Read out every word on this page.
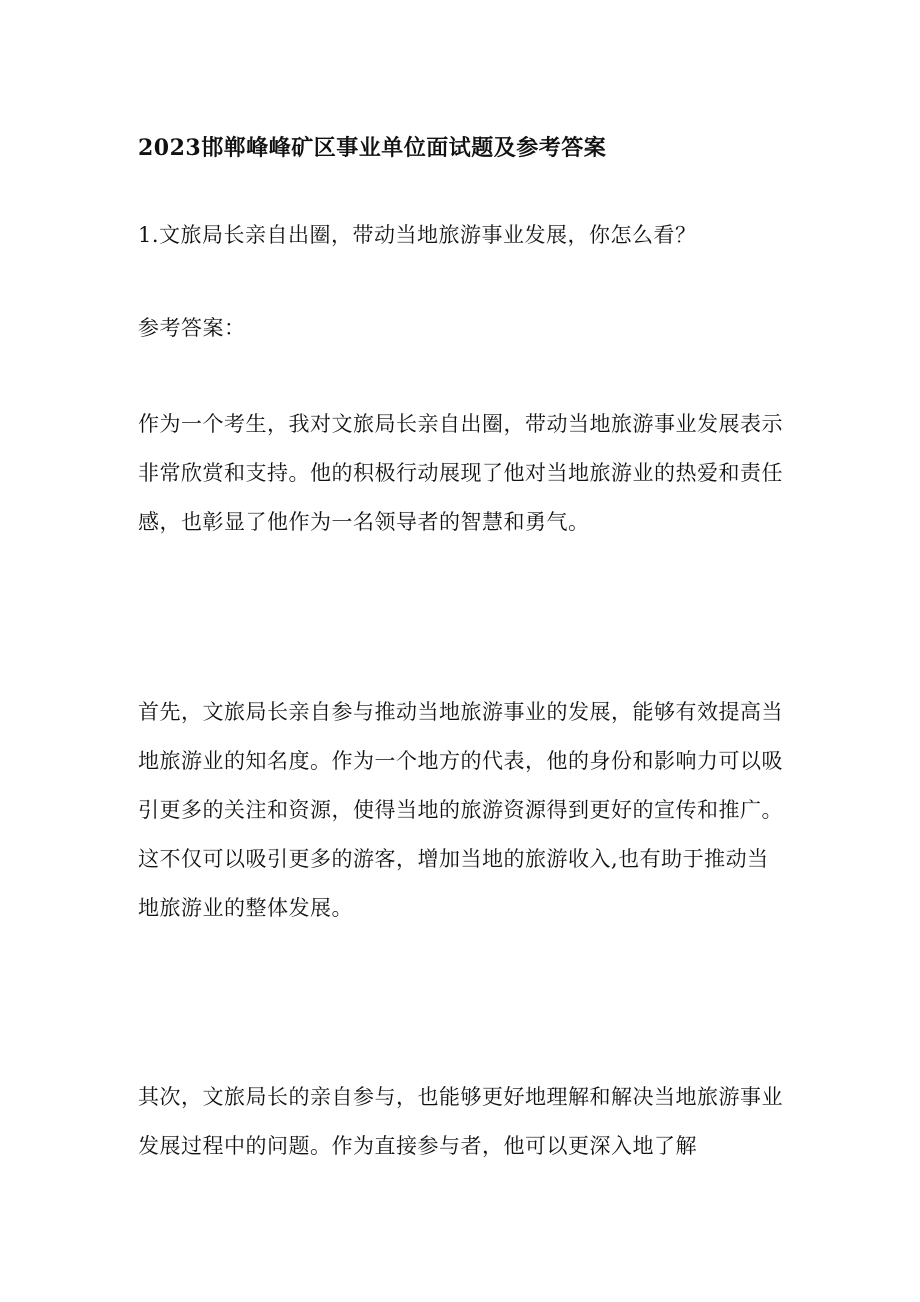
2023邯郸峰峰矿区事业单位面试题及参考答案
1.文旅局长亲自出圈，带动当地旅游事业发展，你怎么看？
参考答案：
作为一个考生，我对文旅局长亲自出圈，带动当地旅游事业发展表示
非常欣赏和支持。他的积极行动展现了他对当地旅游业的热爱和责任
感，也彰显了他作为一名领导者的智慧和勇气。
首先，文旅局长亲自参与推动当地旅游事业的发展，能够有效提高当
地旅游业的知名度。作为一个地方的代表，他的身份和影响力可以吸
引更多的关注和资源，使得当地的旅游资源得到更好的宣传和推广。
这不仅可以吸引更多的游客，增加当地的旅游收入,也有助于推动当
地旅游业的整体发展。
其次，文旅局长的亲自参与，也能够更好地理解和解决当地旅游事业
发展过程中的问题。作为直接参与者，他可以更深入地了解
